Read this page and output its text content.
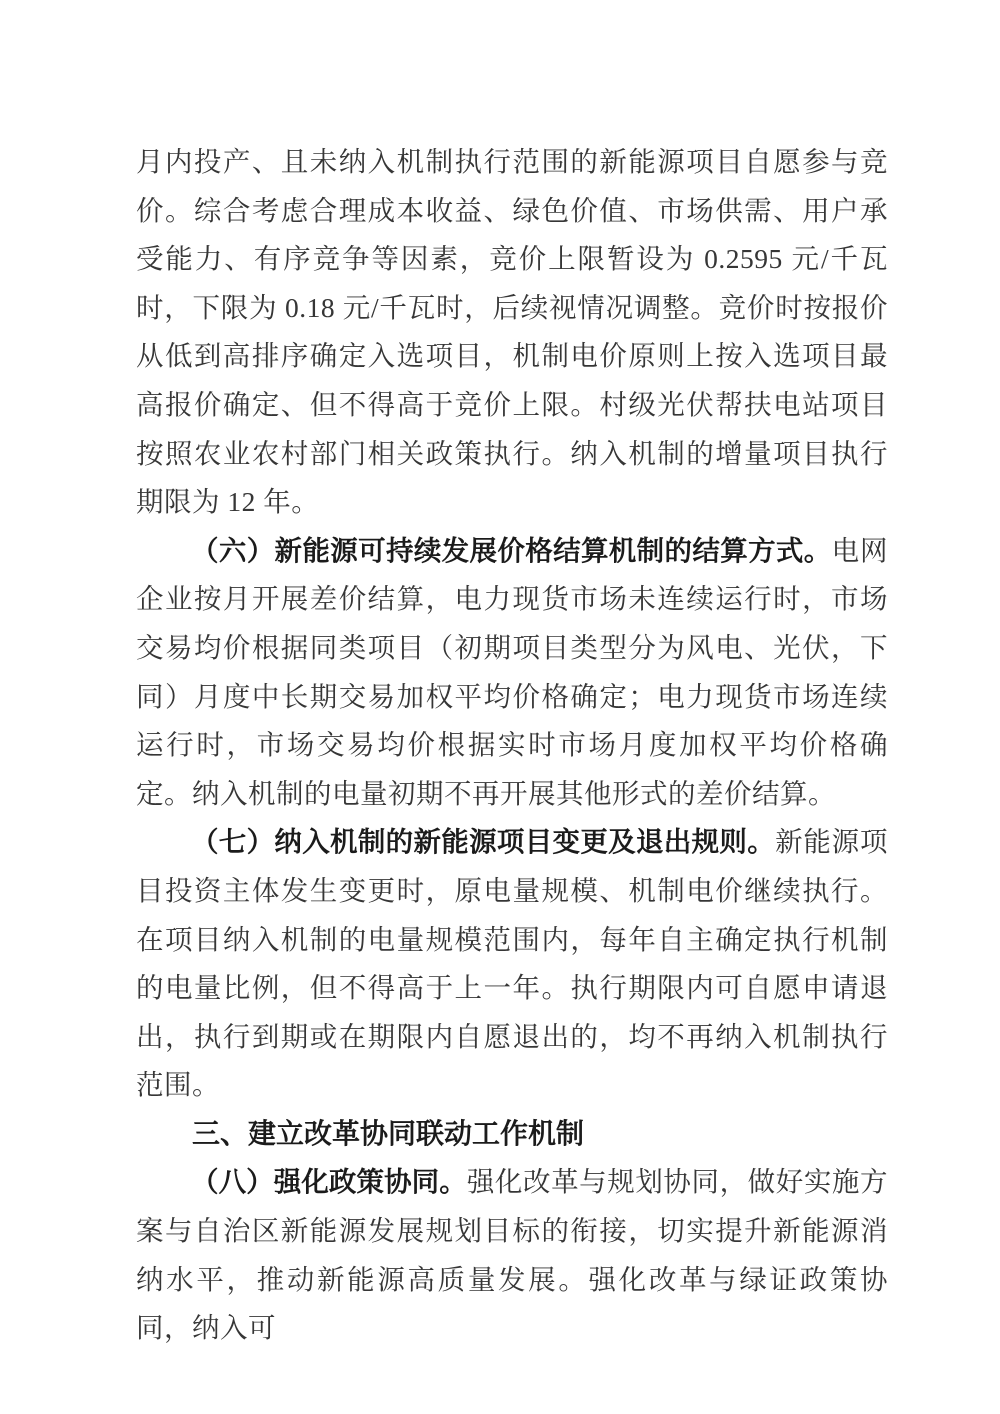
月内投产、且未纳入机制执行范围的新能源项目自愿参与竞价。综合考虑合理成本收益、绿色价值、市场供需、用户承受能力、有序竞争等因素，竞价上限暂设为 0.2595 元/千瓦时，下限为 0.18 元/千瓦时，后续视情况调整。竞价时按报价从低到高排序确定入选项目，机制电价原则上按入选项目最高报价确定、但不得高于竞价上限。村级光伏帮扶电站项目按照农业农村部门相关政策执行。纳入机制的增量项目执行期限为 12 年。

（六）新能源可持续发展价格结算机制的结算方式。电网企业按月开展差价结算，电力现货市场未连续运行时，市场交易均价根据同类项目（初期项目类型分为风电、光伏，下同）月度中长期交易加权平均价格确定；电力现货市场连续运行时，市场交易均价根据实时市场月度加权平均价格确定。纳入机制的电量初期不再开展其他形式的差价结算。

（七）纳入机制的新能源项目变更及退出规则。新能源项目投资主体发生变更时，原电量规模、机制电价继续执行。在项目纳入机制的电量规模范围内，每年自主确定执行机制的电量比例，但不得高于上一年。执行期限内可自愿申请退出，执行到期或在期限内自愿退出的，均不再纳入机制执行范围。

三、建立改革协同联动工作机制

（八）强化政策协同。强化改革与规划协同，做好实施方案与自治区新能源发展规划目标的衔接，切实提升新能源消纳水平，推动新能源高质量发展。强化改革与绿证政策协同，纳入可
